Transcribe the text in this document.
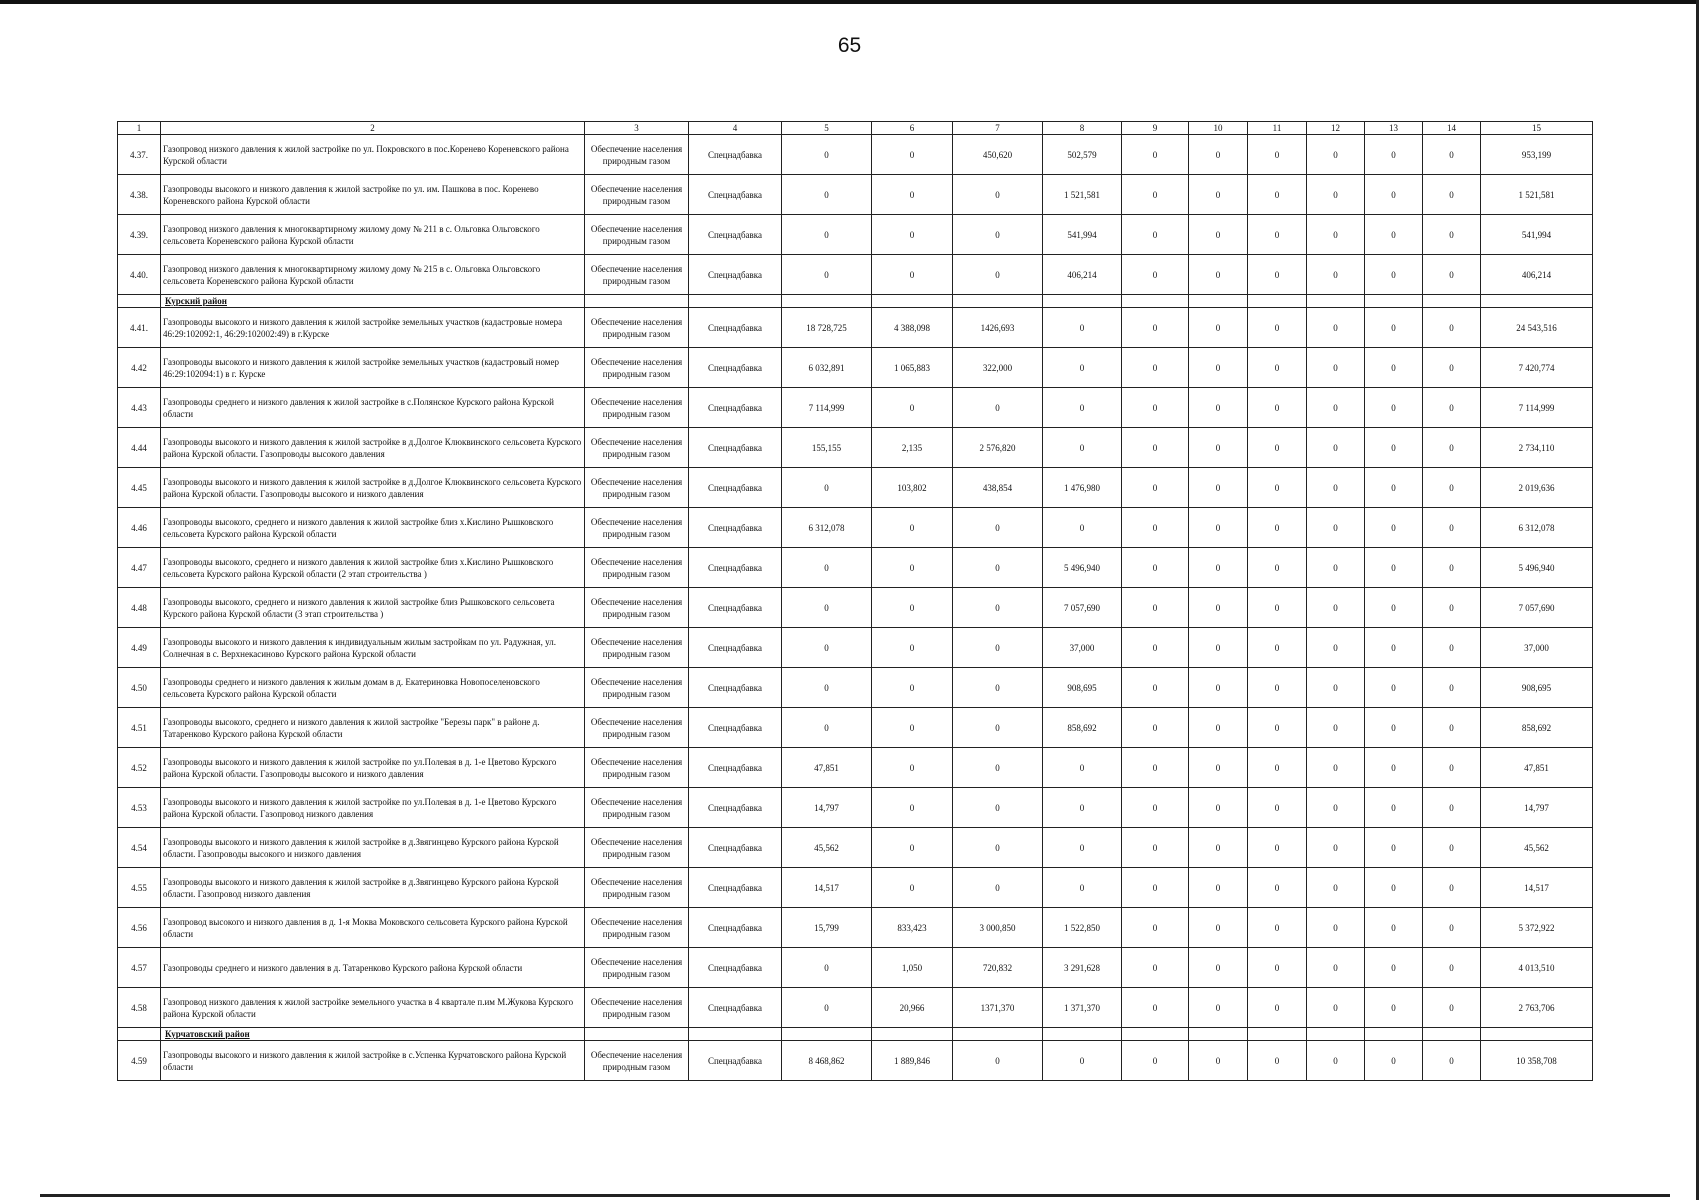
65
1	2	3	4	5	6	7	8	9	10	11	12	13	14	15
4.37.	Газопровод низкого давления к жилой застройке по ул. Покровского в пос.Коренево Кореневского района Курской области	Обеспечение населения природным газом	Спецнадбавка	0	0	450,620	502,579	0	0	0	0	0	0	953,199
4.38.	Газопроводы высокого и низкого давления к жилой застройке по ул. им. Пашкова в пос. Коренево Кореневского района Курской области	Обеспечение населения природным газом	Спецнадбавка	0	0	0	1 521,581	0	0	0	0	0	0	1 521,581
4.39.	Газопровод низкого давления к многоквартирному жилому дому № 211 в с. Ольговка Ольговского сельсовета Кореневского района Курской области	Обеспечение населения природным газом	Спецнадбавка	0	0	0	541,994	0	0	0	0	0	0	541,994
4.40.	Газопровод низкого давления к многоквартирному жилому дому № 215 в с. Ольговка Ольговского сельсовета Кореневского района Курской области	Обеспечение населения природным газом	Спецнадбавка	0	0	0	406,214	0	0	0	0	0	0	406,214
	Курский район													
4.41.	Газопроводы высокого и низкого давления к жилой застройке земельных участков (кадастровые номера 46:29:102092:1, 46:29:102002:49) в г.Курске	Обеспечение населения природным газом	Спецнадбавка	18 728,725	4 388,098	1426,693	0	0	0	0	0	0	0	24 543,516
4.42	Газопроводы высокого и низкого давления к жилой застройке земельных участков (кадастровый номер 46:29:102094:1) в г. Курске	Обеспечение населения природным газом	Спецнадбавка	6 032,891	1 065,883	322,000	0	0	0	0	0	0	0	7 420,774
4.43	Газопроводы среднего и низкого давления к жилой застройке в с.Полянское Курского района Курской области	Обеспечение населения природным газом	Спецнадбавка	7 114,999	0	0	0	0	0	0	0	0	0	7 114,999
4.44	Газопроводы высокого и низкого давления к жилой застройке в д.Долгое Клюквинского сельсовета Курского района Курской области. Газопроводы высокого давления	Обеспечение населения природным газом	Спецнадбавка	155,155	2,135	2 576,820	0	0	0	0	0	0	0	2 734,110
4.45	Газопроводы высокого и низкого давления к жилой застройке в д.Долгое Клюквинского сельсовета Курского района Курской области. Газопроводы высокого и низкого давления	Обеспечение населения природным газом	Спецнадбавка	0	103,802	438,854	1 476,980	0	0	0	0	0	0	2 019,636
4.46	Газопроводы высокого, среднего и низкого давления к жилой застройке близ х.Кислино Рышковского сельсовета Курского района Курской области	Обеспечение населения природным газом	Спецнадбавка	6 312,078	0	0	0	0	0	0	0	0	0	6 312,078
4.47	Газопроводы высокого, среднего и низкого давления к жилой застройке близ х.Кислино Рышковского сельсовета Курского района Курской области (2 этап строительства )	Обеспечение населения природным газом	Спецнадбавка	0	0	0	5 496,940	0	0	0	0	0	0	5 496,940
4.48	Газопроводы высокого, среднего и низкого давления к жилой застройке близ Рышковского сельсовета Курского района Курской области (3 этап строительства )	Обеспечение населения природным газом	Спецнадбавка	0	0	0	7 057,690	0	0	0	0	0	0	7 057,690
4.49	Газопроводы высокого и низкого давления к индивидуальным жилым застройкам по ул. Радужная, ул. Солнечная в с. Верхнекасиново Курского района Курской области	Обеспечение населения природным газом	Спецнадбавка	0	0	0	37,000	0	0	0	0	0	0	37,000
4.50	Газопроводы среднего и низкого давления к жилым домам в д. Екатериновка Новопоселеновского сельсовета Курского района Курской области	Обеспечение населения природным газом	Спецнадбавка	0	0	0	908,695	0	0	0	0	0	0	908,695
4.51	Газопроводы высокого, среднего и низкого давления к жилой застройке "Березы парк" в районе д. Татаренково Курского района Курской области	Обеспечение населения природным газом	Спецнадбавка	0	0	0	858,692	0	0	0	0	0	0	858,692
4.52	Газопроводы высокого и низкого давления к жилой застройке по ул.Полевая в д. 1-е Цветово Курского района Курской области. Газопроводы высокого и низкого давления	Обеспечение населения природным газом	Спецнадбавка	47,851	0	0	0	0	0	0	0	0	0	47,851
4.53	Газопроводы высокого и низкого давления к жилой застройке по ул.Полевая в д. 1-е Цветово Курского района Курской области. Газопровод низкого давления	Обеспечение населения природным газом	Спецнадбавка	14,797	0	0	0	0	0	0	0	0	0	14,797
4.54	Газопроводы высокого и низкого давления к жилой застройке в д.Звягинцево Курского района Курской области. Газопроводы высокого и низкого давления	Обеспечение населения природным газом	Спецнадбавка	45,562	0	0	0	0	0	0	0	0	0	45,562
4.55	Газопроводы высокого и низкого давления к жилой застройке в д.Звягинцево Курского района Курской области. Газопровод низкого давления	Обеспечение населения природным газом	Спецнадбавка	14,517	0	0	0	0	0	0	0	0	0	14,517
4.56	Газопровод высокого и низкого давления в д. 1-я Моква Моковского сельсовета Курского района Курской области	Обеспечение населения природным газом	Спецнадбавка	15,799	833,423	3 000,850	1 522,850	0	0	0	0	0	0	5 372,922
4.57	Газопроводы среднего и низкого давления в д. Татаренково Курского района Курской области	Обеспечение населения природным газом	Спецнадбавка	0	1,050	720,832	3 291,628	0	0	0	0	0	0	4 013,510
4.58	Газопровод низкого давления к жилой застройке земельного участка в 4 квартале п.им М.Жукова Курского района Курской области	Обеспечение населения природным газом	Спецнадбавка	0	20,966	1371,370	1 371,370	0	0	0	0	0	0	2 763,706
	Курчатовский район													
4.59	Газопроводы высокого и низкого давления к жилой застройке в с.Успенка Курчатовского района Курской области	Обеспечение населения природным газом	Спецнадбавка	8 468,862	1 889,846	0	0	0	0	0	0	0	0	10 358,708
